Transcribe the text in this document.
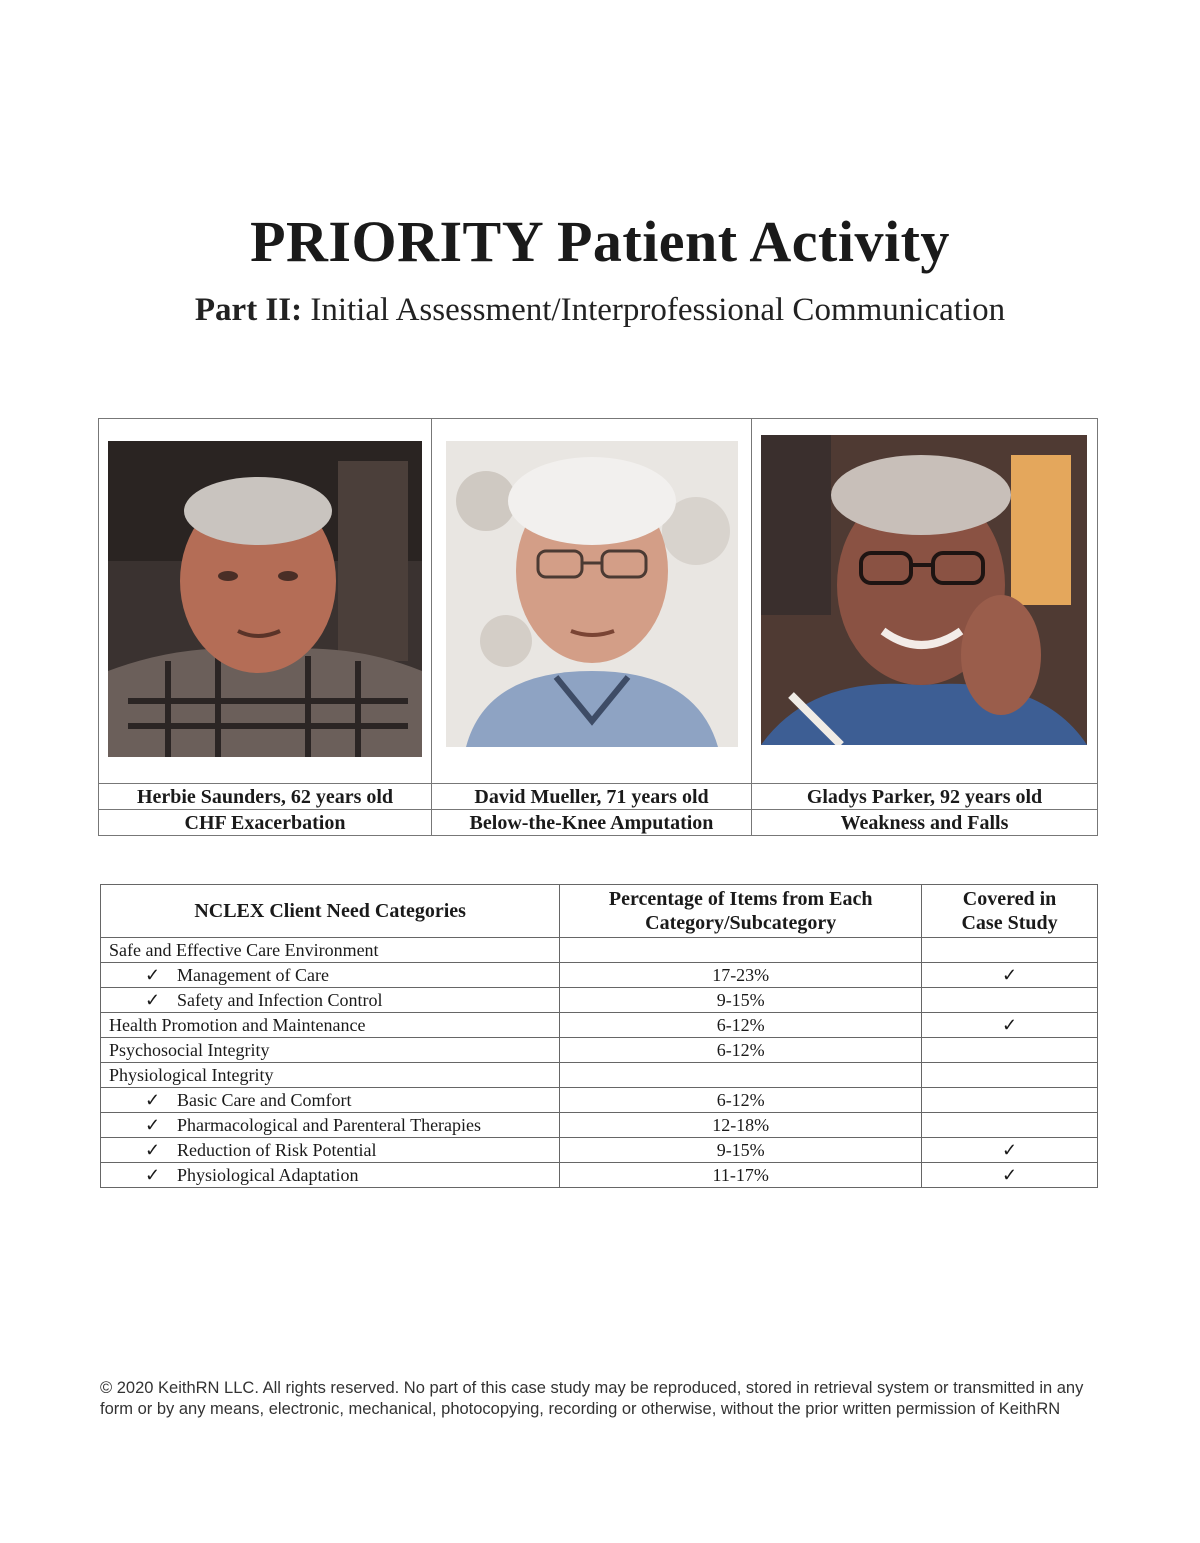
PRIORITY Patient Activity

Part II: Initial Assessment/Interprofessional Communication

Herbie Saunders, 62 years old
CHF Exacerbation
David Mueller, 71 years old
Below-the-Knee Amputation
Gladys Parker, 92 years old
Weakness and Falls
NCLEX Client Need Categories	Percentage of Items from Each Category/Subcategory	Covered in Case Study
Safe and Effective Care Environment		
✓ Management of Care	17-23%	✓
✓ Safety and Infection Control	9-15%	
Health Promotion and Maintenance	6-12%	✓
Psychosocial Integrity	6-12%	
Physiological Integrity		
✓ Basic Care and Comfort	6-12%	
✓ Pharmacological and Parenteral Therapies	12-18%	
✓ Reduction of Risk Potential	9-15%	✓
✓ Physiological Adaptation	11-17%	✓
© 2020 KeithRN LLC. All rights reserved. No part of this case study may be reproduced, stored in retrieval system or transmitted in any form or by any means, electronic, mechanical, photocopying, recording or otherwise, without the prior written permission of KeithRN
